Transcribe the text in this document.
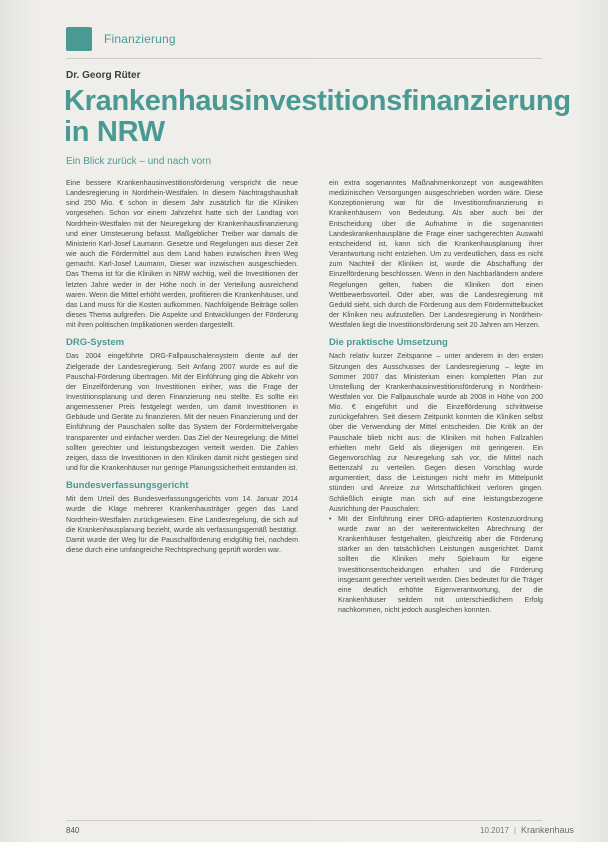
Finanzierung
Dr. Georg Rüter
Krankenhausinvestitionsfinanzierung in NRW
Ein Blick zurück – und nach vorn

Eine bessere Krankenhausinvestitionsförderung verspricht die neue Landesregierung in Nordrhein-Westfalen. In diesem Nachtragshaushalt sind 250 Mio. € schon in diesem Jahr zusätzlich für die Kliniken vorgesehen. Schon vor einem Jahrzehnt hatte sich der Landtag von Nordrhein-Westfalen mit der Neuregelung der Krankenhausfinanzierung und einer Umsteuerung befasst. Maßgeblicher Treiber war damals die Ministerin Karl-Josef Laumann. Gesetze und Regelungen aus dieser Zeit wie auch die Fördermittel aus dem Land haben inzwischen ihren Weg gemacht. Karl-Josef Laumann, Dieser war inzwischen ausgeschieden. Das Thema ist für die Kliniken in NRW wichtig, weil die Investitionen der letzten Jahre weder in der Höhe noch in der Verteilung ausreichend waren. Wenn die Mittel erhöht werden, profitieren die Krankenhäuser, und das Land muss für die Kosten aufkommen. Nachfolgende Beiträge sollen dieses Thema aufgreifen. Die Aspekte und Entwicklungen der Förderung mit ihren politischen Implikationen werden dargestellt.

DRG-System

Das 2004 eingeführte DRG-Fallpauschalensystem diente auf der Zielgerade der Landesregierung. Seit Anfang 2007 wurde es auf die Pauschal-Förderung übertragen. Mit der Einführung ging die Abkehr von der Einzelförderung von Investitionen einher, was die Frage der Investitionsplanung und deren Finanzierung neu stellte. Es sollte ein angemessener Preis festgelegt werden, um damit Investitionen in Gebäude und Geräte zu finanzieren. Mit der neuen Finanzierung und der Einführung der Pauschalen sollte das System der Fördermittelvergabe transparenter und einfacher werden. Das Ziel der Neuregelung: die Mittel sollten gerechter und leistungsbezogen verteilt werden. Die Zahlen zeigen, dass die Investitionen in den Kliniken damit nicht gestiegen sind und für die Krankenhäuser nur geringe Planungssicherheit entstanden ist.

Bundesverfassungsgericht

Mit dem Urteil des Bundesverfassungsgerichts vom 14. Januar 2014 wurde die Klage mehrerer Krankenhausträger gegen das Land Nordrhein-Westfalen zurückgewiesen. Eine Landesregelung, die sich auf die Krankenhausplanung bezieht, wurde als verfassungsgemäß bestätigt. Damit wurde der Weg für die Pauschalförderung endgültig frei, nachdem diese durch eine umfangreiche Rechtsprechung geprüft worden war.

ein extra sogenanntes Maßnahmenkonzept von ausgewählten medizinischen Versorgungen ausgeschrieben worden wäre. Diese Konzeptionierung war für die Investitionsfinanzierung in Krankenhäusern von Bedeutung. Als aber auch bei der Entscheidung über die Aufnahme in die sogenannten Landeskrankenhauspläne die Frage einer sachgerechten Auswahl entscheidend ist, kann sich die Krankenhausplanung ihrer Verantwortung nicht entziehen. Um zu verdeutlichen, dass es nicht zum Nachteil der Kliniken ist, wurde die Abschaffung der Einzelförderung beschlossen. Wenn in den Nachbarländern andere Regelungen gelten, haben die Kliniken dort einen Wettbewerbsvorteil. Oder aber, was die Landesregierung mit Geduld sieht, sich durch die Förderung aus dem Fördermittelbucket der Kliniken neu aufzustellen. Der Landesregierung in Nordrhein-Westfalen liegt die Investitionsförderung seit 20 Jahren am Herzen.

Die praktische Umsetzung

Nach relativ kurzer Zeitspanne – unter anderem in den ersten Sitzungen des Ausschusses der Landesregierung – legte im Sommer 2007 das Ministerium einen kompletten Plan zur Umstellung der Krankenhausinvestitionsförderung in Nordrhein-Westfalen vor. Die Fallpauschale wurde ab 2008 in Höhe von 200 Mio. € eingeführt und die Einzelförderung schrittweise zurückgefahren. Seit diesem Zeitpunkt konnten die Kliniken selbst über die Verwendung der Mittel entscheiden. Die Kritik an der Pauschale blieb nicht aus: die Kliniken mit hohen Fallzahlen erhielten mehr Geld als diejenigen mit geringeren. Ein Gegenvorschlag zur Neuregelung sah vor, die Mittel nach Bettenzahl zu verteilen. Gegen diesen Vorschlag wurde argumentiert, dass die Leistungen nicht mehr im Mittelpunkt stünden und Anreize zur Wirtschaftlichkeit verloren gingen. Schließlich einigte man sich auf eine leistungsbezogene Ausrichtung der Pauschalen:

• Mit der Einführung einer DRG-adaptierten Kostenzuordnung wurde zwar an der weiterentwickelten Abrechnung der Krankenhäuser festgehalten, gleichzeitig aber die Förderung stärker an den tatsächlichen Leistungen ausgerichtet. Damit sollten die Kliniken mehr Spielraum für eigene Investitionsentscheidungen erhalten und die Förderung insgesamt gerechter verteilt werden. Dies bedeutet für die Träger eine deutlich erhöhte Eigenverantwortung, der die Krankenhäuser seitdem mit unterschiedlichem Erfolg nachkommen, nicht jedoch ausgleichen konnten.
840	10.2017 | Krankenhaus
